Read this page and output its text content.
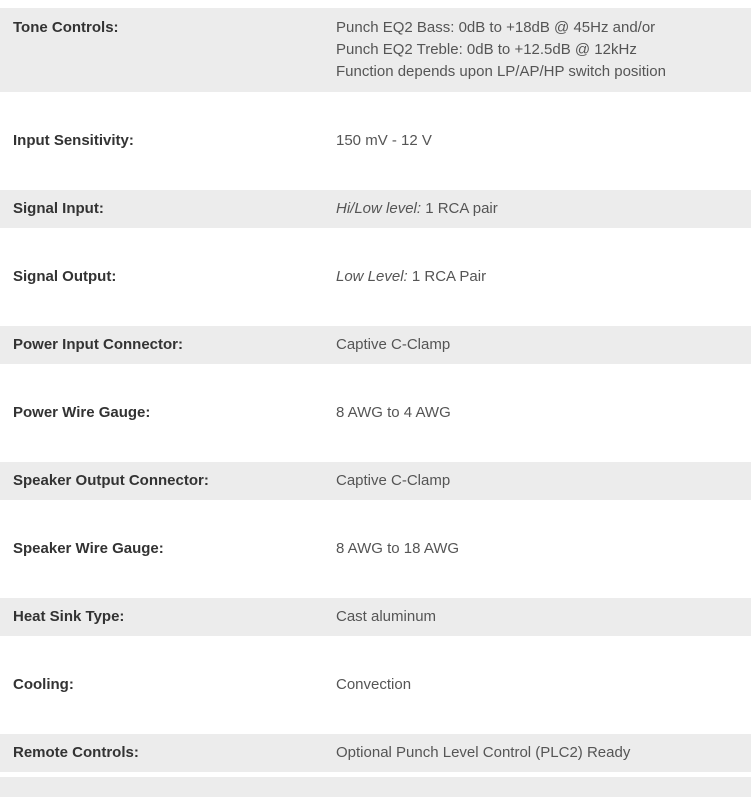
Tone Controls:	Punch EQ2 Bass: 0dB to +18dB @ 45Hz and/or
Punch EQ2 Treble: 0dB to +12.5dB @ 12kHz
Function depends upon LP/AP/HP switch position
Input Sensitivity:	150 mV - 12 V
Signal Input:	Hi/Low level: 1 RCA pair
Signal Output:	Low Level: 1 RCA Pair
Power Input Connector:	Captive C-Clamp
Power Wire Gauge:	8 AWG to 4 AWG
Speaker Output Connector:	Captive C-Clamp
Speaker Wire Gauge:	8 AWG to 18 AWG
Heat Sink Type:	Cast aluminum
Cooling:	Convection
Remote Controls:	Optional Punch Level Control (PLC2) Ready
